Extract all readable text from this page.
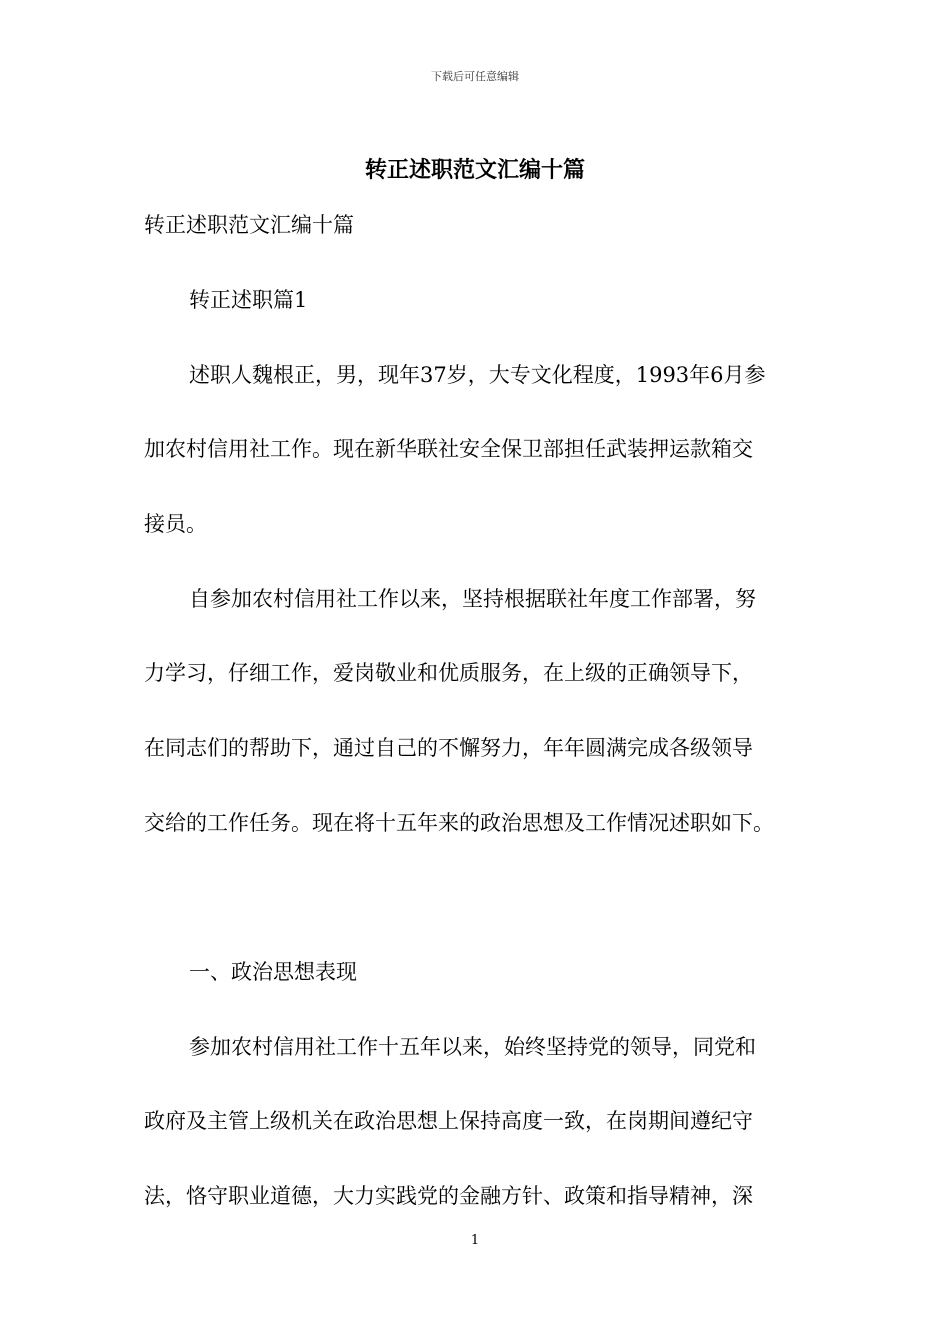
下载后可任意编辑
转正述职范文汇编十篇
转正述职范文汇编十篇
转正述职篇1
述职人魏根正，男，现年37岁，大专文化程度，1993年6月参
加农村信用社工作。现在新华联社安全保卫部担任武装押运款箱交
接员。
自参加农村信用社工作以来，坚持根据联社年度工作部署，努
力学习，仔细工作，爱岗敬业和优质服务，在上级的正确领导下，
在同志们的帮助下，通过自己的不懈努力，年年圆满完成各级领导
交给的工作任务。现在将十五年来的政治思想及工作情况述职如下。
一、政治思想表现
参加农村信用社工作十五年以来，始终坚持党的领导，同党和
政府及主管上级机关在政治思想上保持高度一致，在岗期间遵纪守
法，恪守职业道德，大力实践党的金融方针、政策和指导精神，深
1
